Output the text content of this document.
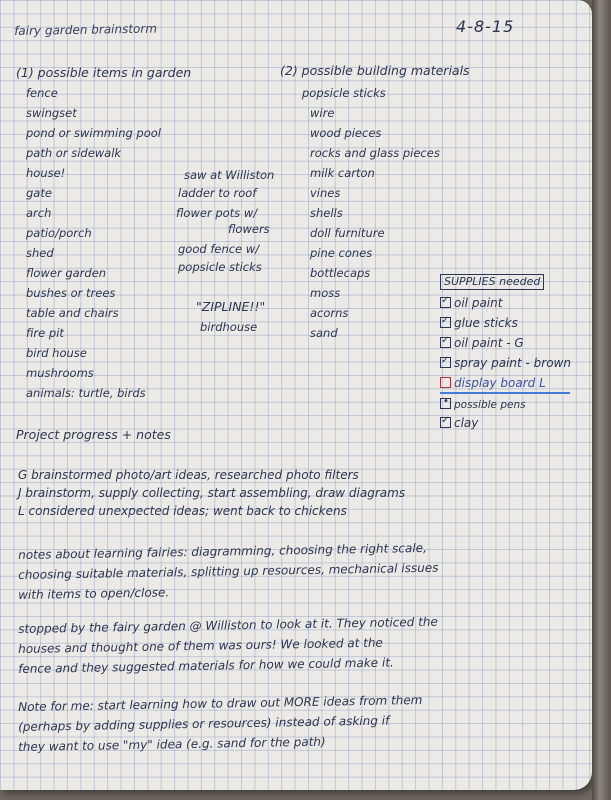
fairy garden brainstorm	4-8-15
(1) possible items in garden
fence
swingset
pond or swimming pool
path or sidewalk
house!
gate
arch
patio/porch
shed
flower garden
bushes or trees
table and chairs
fire pit
bird house
mushrooms
animals: turtle, birds
saw at Williston
ladder to roof
flower pots w/
flowers
good fence w/
popsicle sticks
"ZIPLINE!!"
birdhouse
(2) possible building materials
popsicle sticks
wire
wood pieces
rocks and glass pieces
milk carton
vines
shells
doll furniture
pine cones
bottlecaps
moss
acorns
sand
SUPPLIES needed
✓oil paint
✓glue sticks
✓oil paint - G
✓spray paint - brown
display board L
•possible pens
✓clay
Project progress + notes
G brainstormed photo/art ideas, researched photo filters
J brainstorm, supply collecting, start assembling, draw diagrams
L considered unexpected ideas; went back to chickens
notes about learning fairies: diagramming, choosing the right scale,
choosing suitable materials, splitting up resources, mechanical issues
with items to open/close.
stopped by the fairy garden @ Williston to look at it. They noticed the
houses and thought one of them was ours! We looked at the
fence and they suggested materials for how we could make it.
Note for me: start learning how to draw out MORE ideas from them
(perhaps by adding supplies or resources) instead of asking if
they want to use "my" idea (e.g. sand for the path)
